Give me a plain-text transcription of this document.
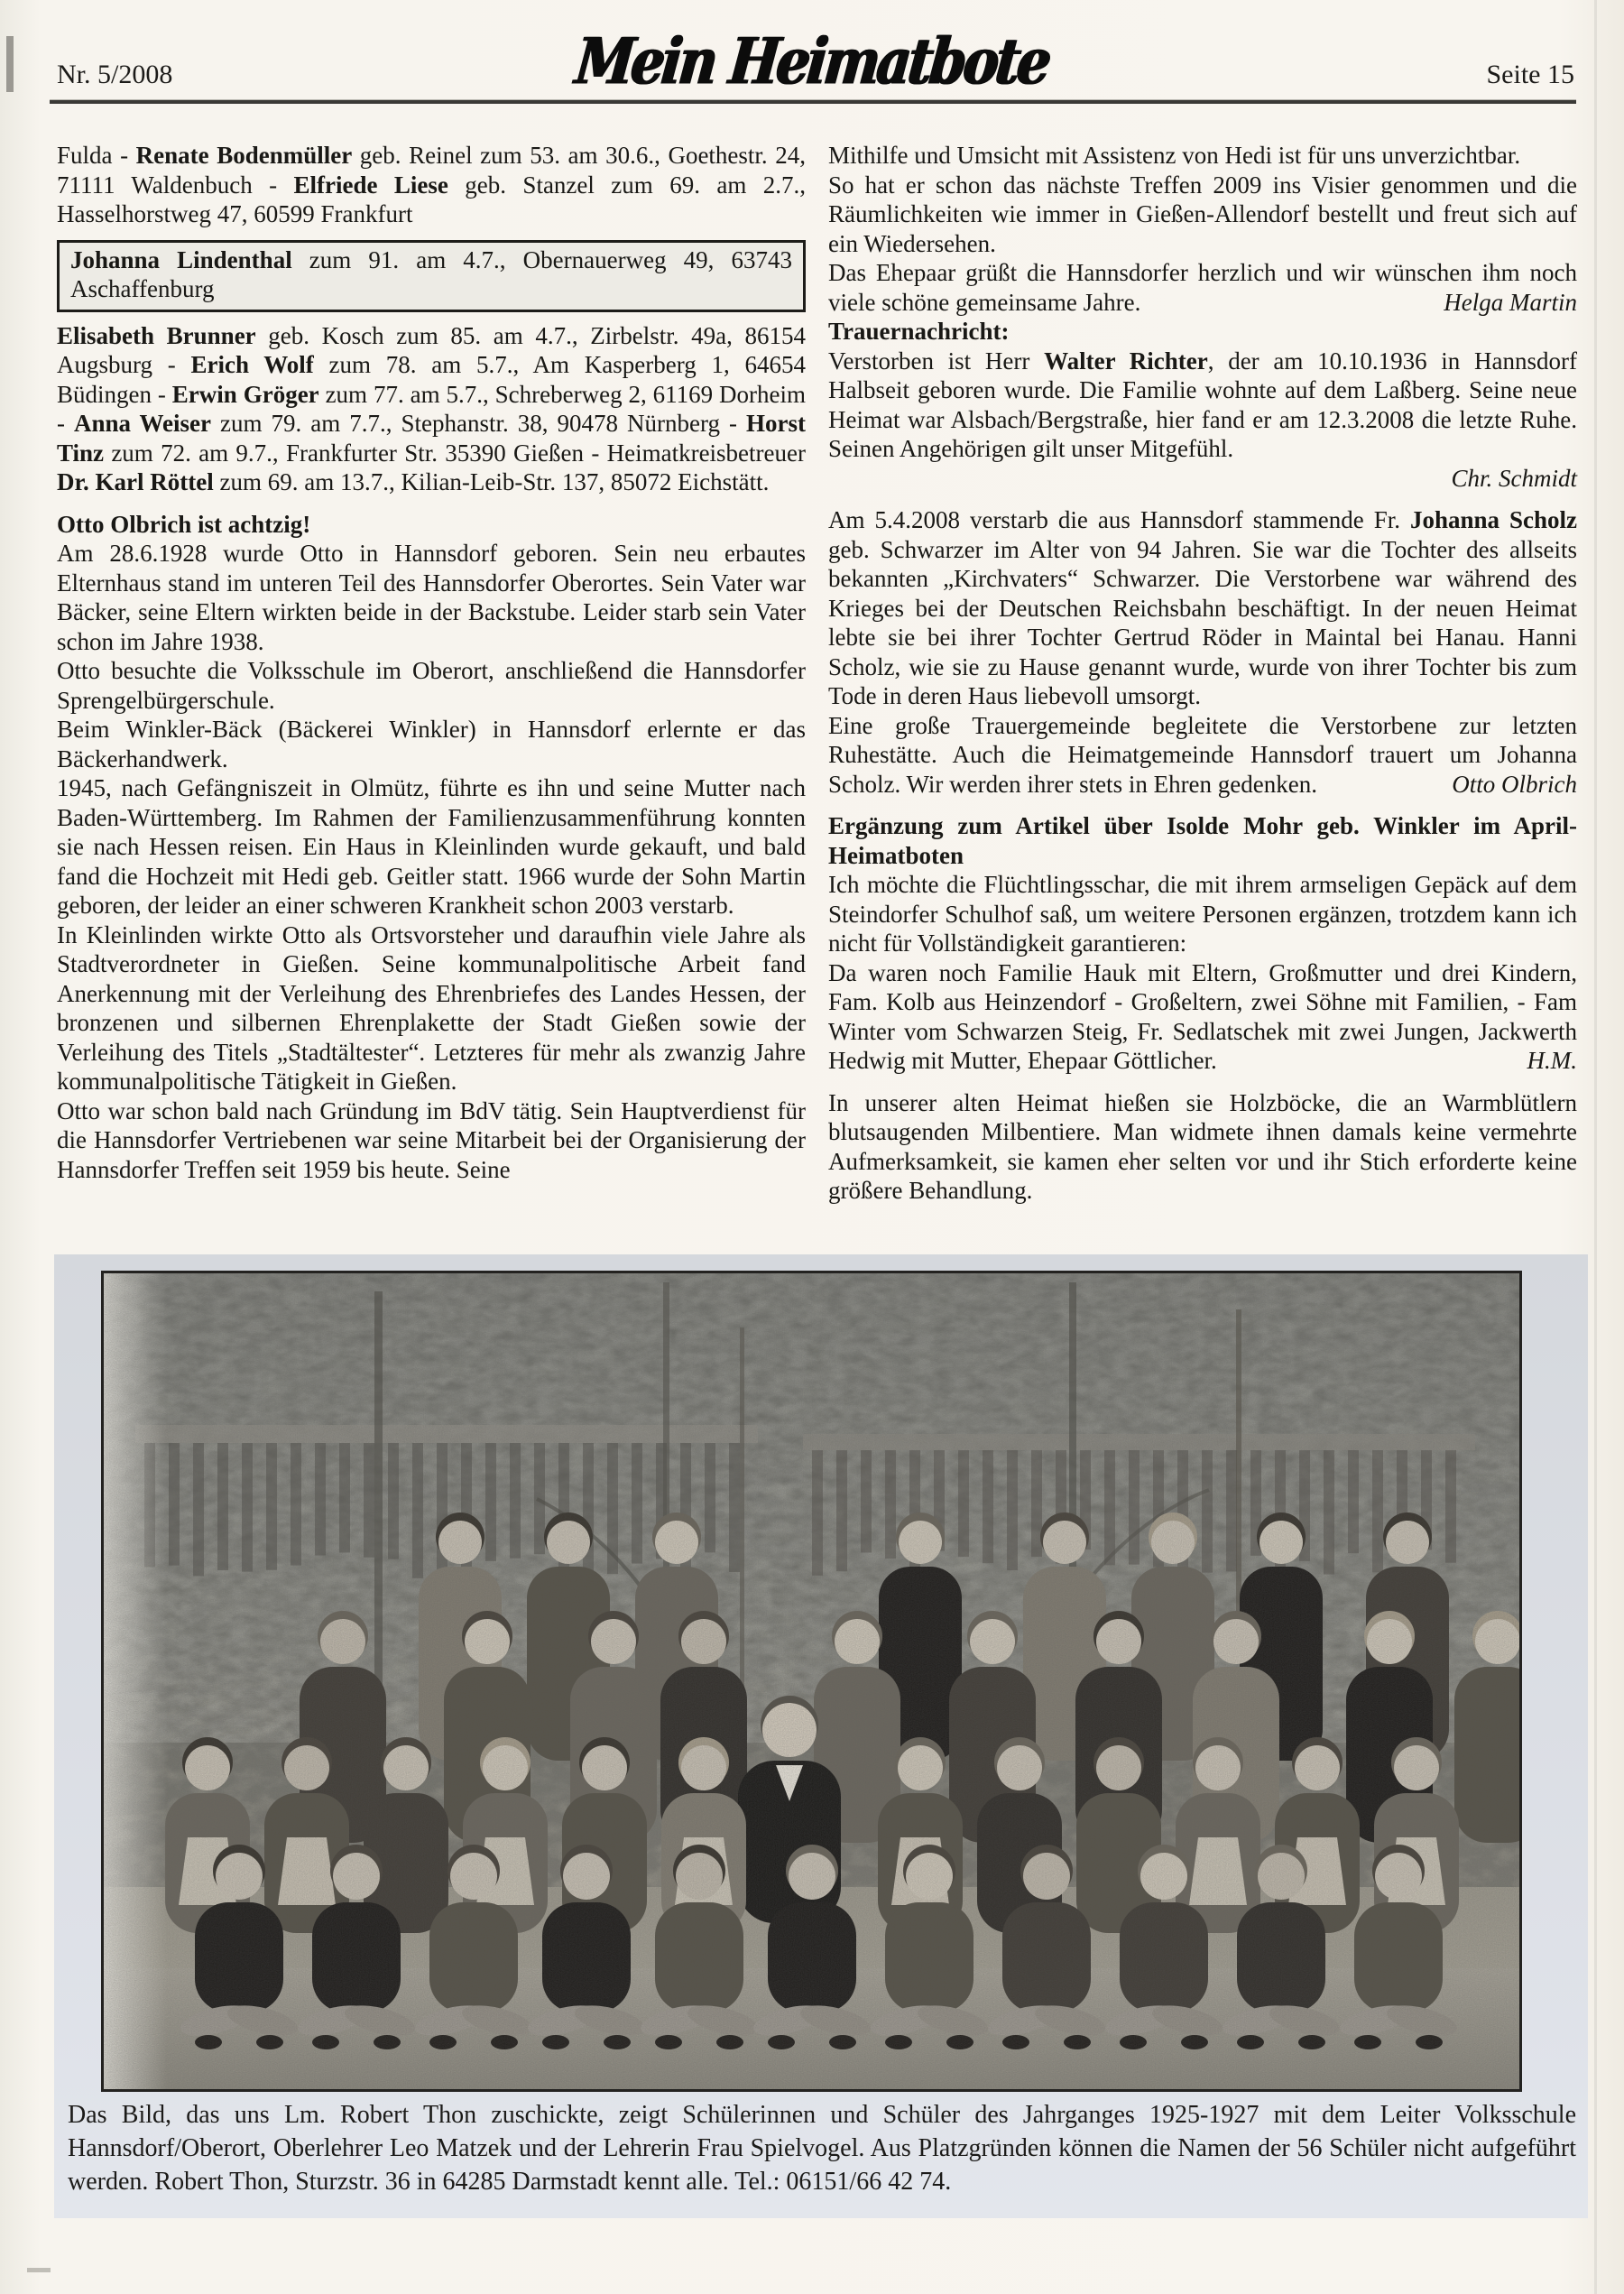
Nr. 5/2008	Mein Heimatbote	Seite 15

Fulda - Renate Bodenmüller geb. Reinel zum 53. am 30.6., Goethestr. 24, 71111 Waldenbuch - Elfriede Liese geb. Stanzel zum 69. am 2.7., Hasselhorstweg 47, 60599 Frankfurt

Johanna Lindenthal zum 91. am 4.7., Obernauerweg 49, 63743 Aschaffenburg

Elisabeth Brunner geb. Kosch zum 85. am 4.7., Zirbelstr. 49a, 86154 Augsburg - Erich Wolf zum 78. am 5.7., Am Kasperberg 1, 64654 Büdingen - Erwin Gröger zum 77. am 5.7., Schreberweg 2, 61169 Dorheim - Anna Weiser zum 79. am 7.7., Stephanstr. 38, 90478 Nürnberg - Horst Tinz zum 72. am 9.7., Frankfurter Str. 35390 Gießen - Heimatkreisbetreuer Dr. Karl Röttel zum 69. am 13.7., Kilian-Leib-Str. 137, 85072 Eichstätt.

Otto Olbrich ist achtzig!

Am 28.6.1928 wurde Otto in Hannsdorf geboren. Sein neu erbautes Elternhaus stand im unteren Teil des Hannsdorfer Oberortes. Sein Vater war Bäcker, seine Eltern wirkten beide in der Backstube. Leider starb sein Vater schon im Jahre 1938.

Otto besuchte die Volksschule im Oberort, anschließend die Hannsdorfer Sprengelbürgerschule.

Beim Winkler-Bäck (Bäckerei Winkler) in Hannsdorf erlernte er das Bäckerhandwerk.

1945, nach Gefängniszeit in Olmütz, führte es ihn und seine Mutter nach Baden-Württemberg. Im Rahmen der Familienzusammenführung konnten sie nach Hessen reisen. Ein Haus in Kleinlinden wurde gekauft, und bald fand die Hochzeit mit Hedi geb. Geitler statt. 1966 wurde der Sohn Martin geboren, der leider an einer schweren Krankheit schon 2003 verstarb.

In Kleinlinden wirkte Otto als Ortsvorsteher und daraufhin viele Jahre als Stadtverordneter in Gießen. Seine kommunalpolitische Arbeit fand Anerkennung mit der Verleihung des Ehrenbriefes des Landes Hessen, der bronzenen und silbernen Ehrenplakette der Stadt Gießen sowie der Verleihung des Titels „Stadtältester“. Letzteres für mehr als zwanzig Jahre kommunalpolitische Tätigkeit in Gießen.

Otto war schon bald nach Gründung im BdV tätig. Sein Hauptverdienst für die Hannsdorfer Vertriebenen war seine Mitarbeit bei der Organisierung der Hannsdorfer Treffen seit 1959 bis heute. Seine

Mithilfe und Umsicht mit Assistenz von Hedi ist für uns unverzichtbar.

So hat er schon das nächste Treffen 2009 ins Visier genommen und die Räumlichkeiten wie immer in Gießen-Allendorf bestellt und freut sich auf ein Wiedersehen.

Das Ehepaar grüßt die Hannsdorfer herzlich und wir wünschen ihm noch viele schöne gemeinsame Jahre.	Helga Martin

Trauernachricht:

Verstorben ist Herr Walter Richter, der am 10.10.1936 in Hannsdorf Halbseit geboren wurde. Die Familie wohnte auf dem Laßberg. Seine neue Heimat war Alsbach/Bergstraße, hier fand er am 12.3.2008 die letzte Ruhe. Seinen Angehörigen gilt unser Mitgefühl.

Chr. Schmidt

Am 5.4.2008 verstarb die aus Hannsdorf stammende Fr. Johanna Scholz geb. Schwarzer im Alter von 94 Jahren. Sie war die Tochter des allseits bekannten „Kirchvaters“ Schwarzer. Die Verstorbene war während des Krieges bei der Deutschen Reichsbahn beschäftigt. In der neuen Heimat lebte sie bei ihrer Tochter Gertrud Röder in Maintal bei Hanau. Hanni Scholz, wie sie zu Hause genannt wurde, wurde von ihrer Tochter bis zum Tode in deren Haus liebevoll umsorgt.

Eine große Trauergemeinde begleitete die Verstorbene zur letzten Ruhestätte. Auch die Heimatgemeinde Hannsdorf trauert um Johanna Scholz. Wir werden ihrer stets in Ehren gedenken.	Otto Olbrich

Ergänzung zum Artikel über Isolde Mohr geb. Winkler im April-Heimatboten

Ich möchte die Flüchtlingsschar, die mit ihrem armseligen Gepäck auf dem Steindorfer Schulhof saß, um weitere Personen ergänzen, trotzdem kann ich nicht für Vollständigkeit garantieren:

Da waren noch Familie Hauk mit Eltern, Großmutter und drei Kindern, Fam. Kolb aus Heinzendorf - Großeltern, zwei Söhne mit Familien, - Fam Winter vom Schwarzen Steig, Fr. Sedlatschek mit zwei Jungen, Jackwerth Hedwig mit Mutter, Ehepaar Göttlicher.	H.M.

In unserer alten Heimat hießen sie Holzböcke, die an Warmblütlern blutsaugenden Milbentiere. Man widmete ihnen damals keine vermehrte Aufmerksamkeit, sie kamen eher selten vor und ihr Stich erforderte keine größere Behandlung.

Das Bild, das uns Lm. Robert Thon zuschickte, zeigt Schülerinnen und Schüler des Jahrganges 1925-1927 mit dem Leiter Volksschule Hannsdorf/Oberort, Oberlehrer Leo Matzek und der Lehrerin Frau Spielvogel. Aus Platzgründen können die Namen der 56 Schüler nicht aufgeführt werden. Robert Thon, Sturzstr. 36 in 64285 Darmstadt kennt alle. Tel.: 06151/66 42 74.
